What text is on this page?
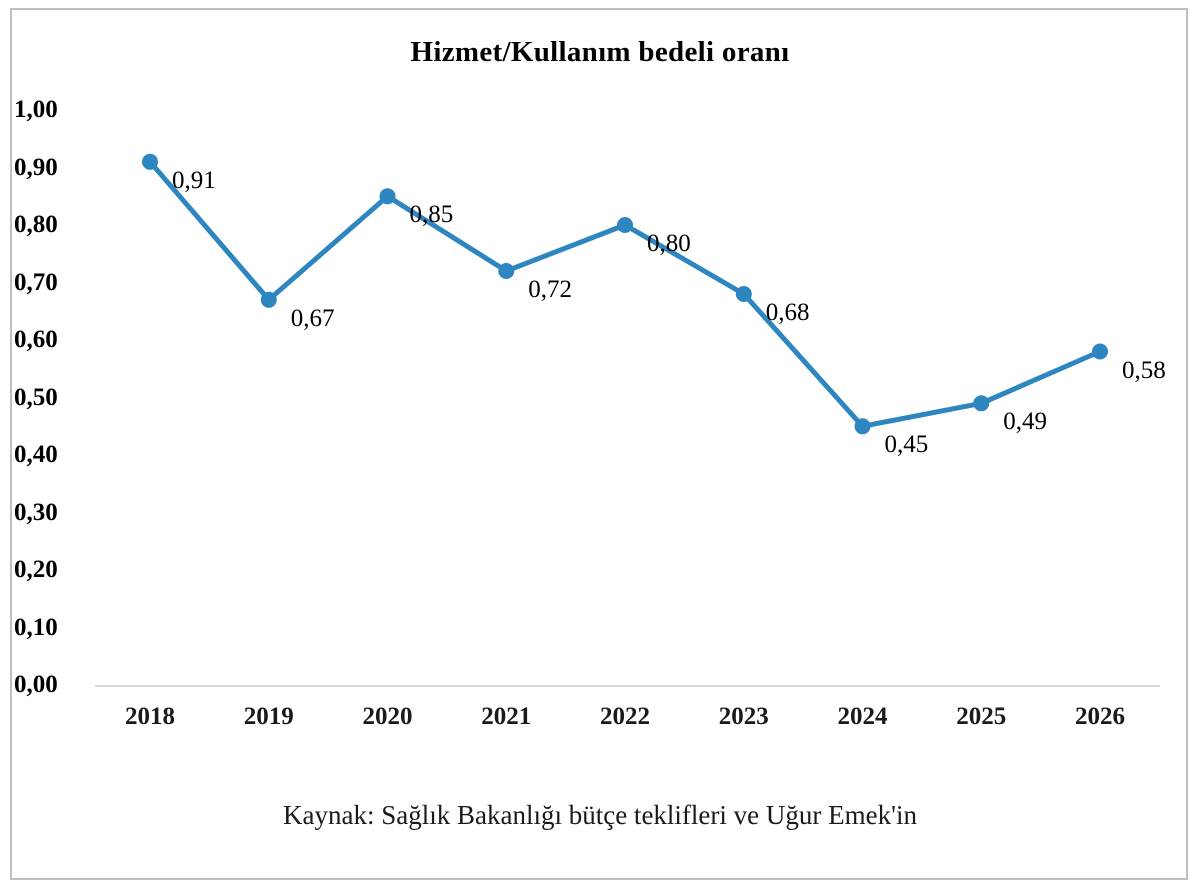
Hizmet/Kullanım bedeli oranı
1,00
0,90
0,80
0,70
0,60
0,50
0,40
0,30
0,20
0,10
0,00
0,91
0,67
0,85
0,72
0,80
0,68
0,45
0,49
0,58
2018	2019	2020	2021	2022	2023	2024	2025	2026
Kaynak: Sağlık Bakanlığı bütçe teklifleri ve Uğur Emek'in
